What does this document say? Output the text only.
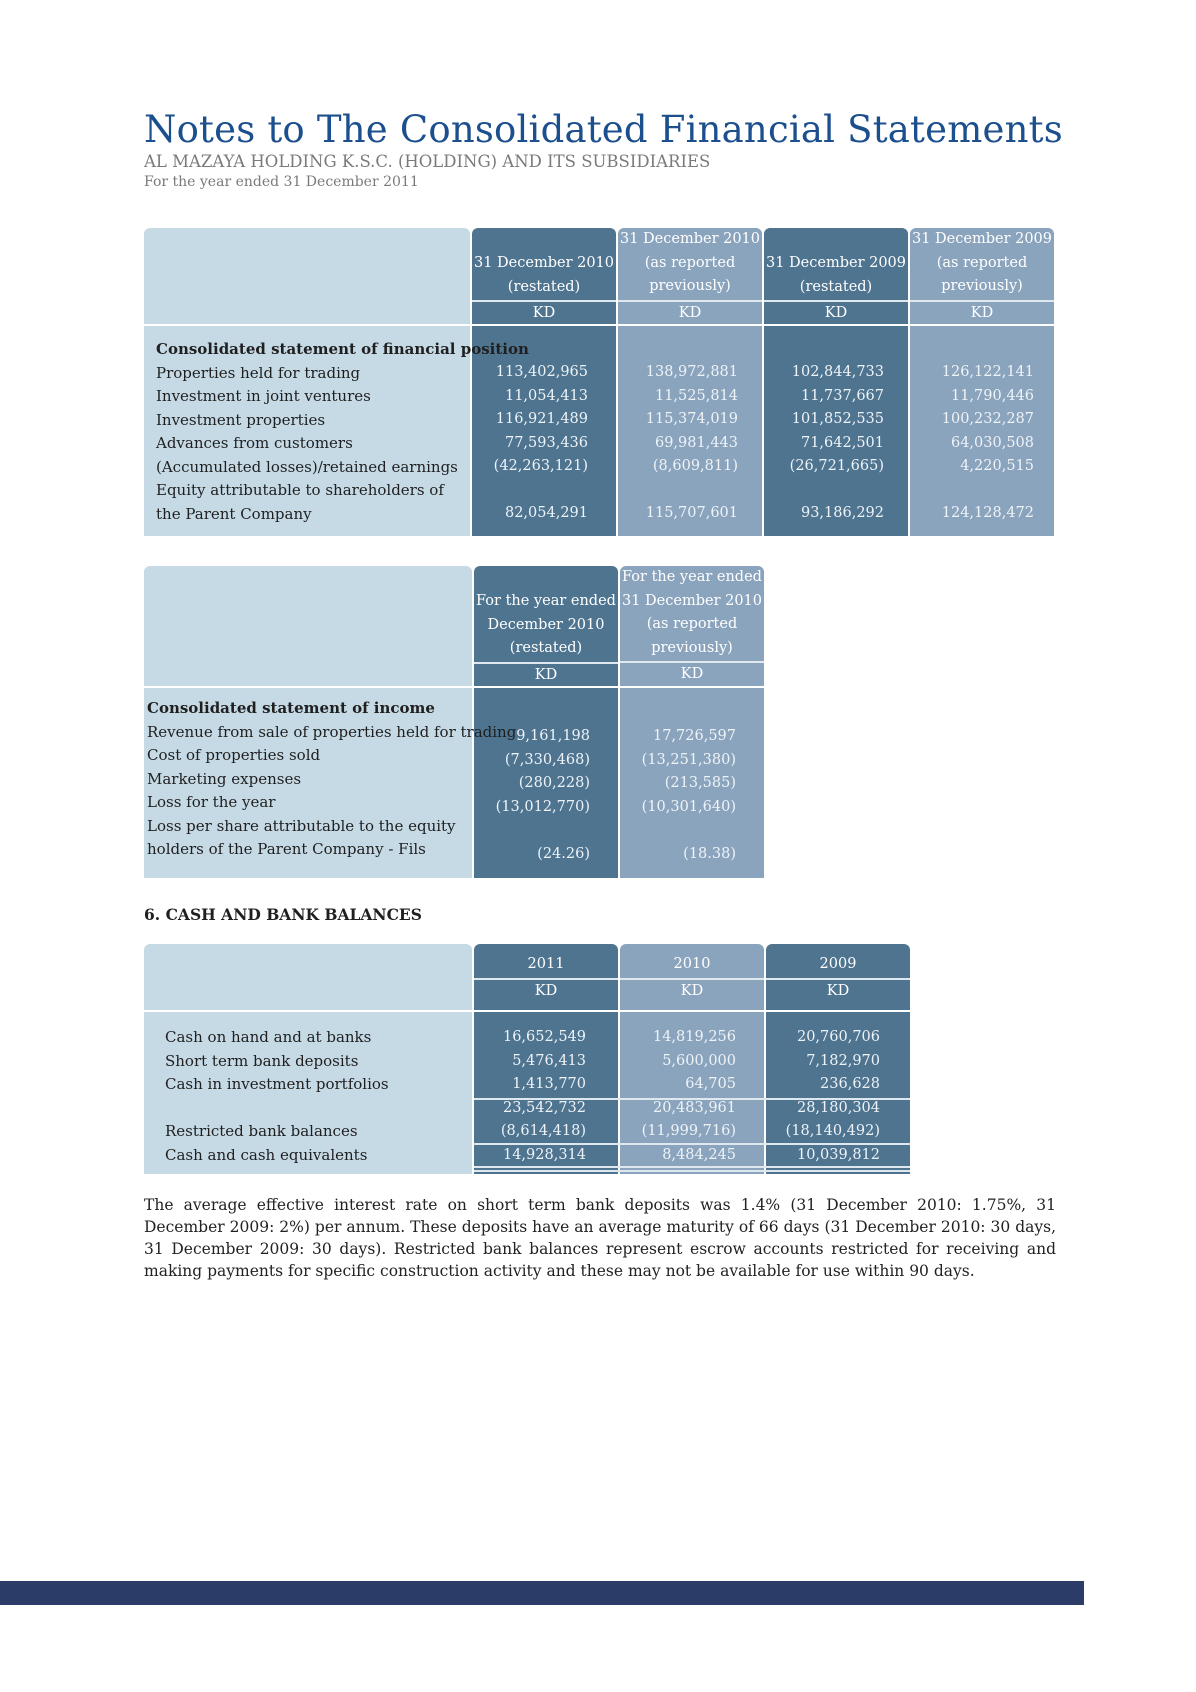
Notes to The Consolidated Financial Statements
AL MAZAYA HOLDING K.S.C. (HOLDING) AND ITS SUBSIDIARIES
For the year ended 31 December 2011
31 December 2010
(restated)
KD
31 December 2010
(as reported
previously)
KD
31 December 2009
(restated)
KD
31 December 2009
(as reported
previously)
KD
Consolidated statement of financial position
Properties held for trading
Investment in joint ventures
Investment properties
Advances from customers
(Accumulated losses)/retained earnings
Equity attributable to shareholders of
the Parent Company
113,402,965
11,054,413
116,921,489
77,593,436
(42,263,121)
82,054,291
138,972,881
11,525,814
115,374,019
69,981,443
(8,609,811)
115,707,601
102,844,733
11,737,667
101,852,535
71,642,501
(26,721,665)
93,186,292
126,122,141
11,790,446
100,232,287
64,030,508
4,220,515
124,128,472
For the year ended
December 2010
(restated)
KD
For the year ended
31 December 2010
(as reported
previously)
KD
Consolidated statement of income
Revenue from sale of properties held for trading
Cost of properties sold
Marketing expenses
Loss for the year
Loss per share attributable to the equity
holders of the Parent Company - Fils
9,161,198
(7,330,468)
(280,228)
(13,012,770)
(24.26)
17,726,597
(13,251,380)
(213,585)
(10,301,640)
(18.38)
6. CASH AND BANK BALANCES
2011
KD
2010
KD
2009
KD
Cash on hand and at banks
Short term bank deposits
Cash in investment portfolios
Restricted bank balances
Cash and cash equivalents
16,652,549
5,476,413
1,413,770
23,542,732
(8,614,418)
14,928,314
14,819,256
5,600,000
64,705
20,483,961
(11,999,716)
8,484,245
20,760,706
7,182,970
236,628
28,180,304
(18,140,492)
10,039,812
The average effective interest rate on short term bank deposits was 1.4% (31 December 2010: 1.75%, 31 December 2009: 2%) per annum. These deposits have an average maturity of 66 days (31 December 2010: 30 days, 31 December 2009: 30 days). Restricted bank balances represent escrow accounts restricted for receiving and making payments for specific construction activity and these may not be available for use within 90 days.
